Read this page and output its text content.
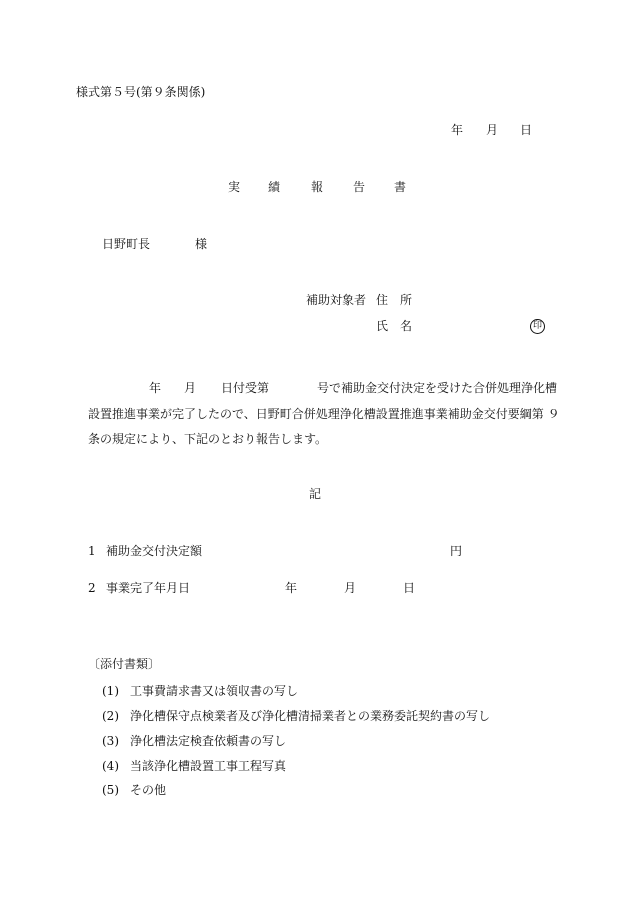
様式第５号(第９条関係)
年 月 日
実 績	報 告 書
日野町長	様
補助対象者 住　所
氏　名	印
年 月 日付受第	号で補助金交付決定を受けた合併処理浄化槽
設置推進事業が完了したので、日野町合併処理浄化槽設置推進事業補助金交付要綱第 ９
条の規定により、下記のとおり報告します。
記
1 補助金交付決定額	円
2 事業完了年月日	年	月	日
〔添付書類〕
(1) 工事費請求書又は領収書の写し
(2) 浄化槽保守点検業者及び浄化槽清掃業者との業務委託契約書の写し
(3) 浄化槽法定検査依頼書の写し
(4) 当該浄化槽設置工事工程写真
(5) その他
